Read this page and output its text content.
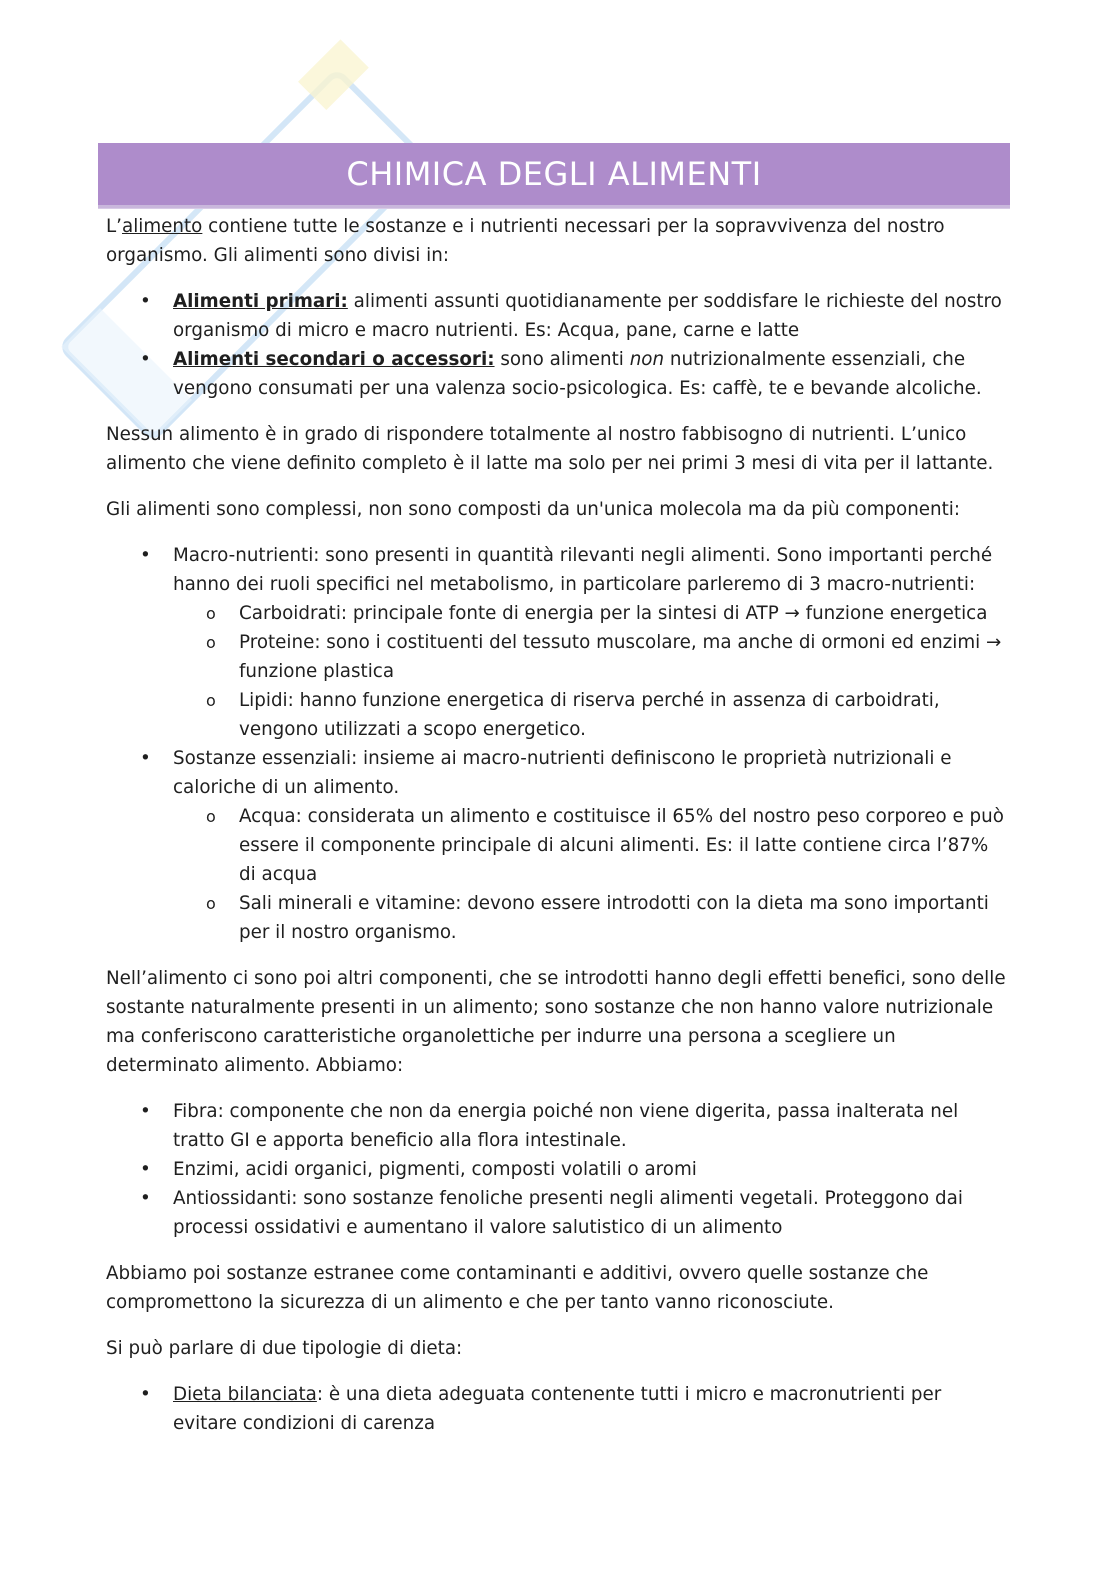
CHIMICA DEGLI ALIMENTI

L’alimento contiene tutte le sostanze e i nutrienti necessari per la sopravvivenza del nostro organismo. Gli alimenti sono divisi in:

• Alimenti primari: alimenti assunti quotidianamente per soddisfare le richieste del nostro organismo di micro e macro nutrienti. Es: Acqua, pane, carne e latte
• Alimenti secondari o accessori: sono alimenti non nutrizionalmente essenziali, che vengono consumati per una valenza socio-psicologica. Es: caffè, te e bevande alcoliche.

Nessun alimento è in grado di rispondere totalmente al nostro fabbisogno di nutrienti. L’unico alimento che viene definito completo è il latte ma solo per nei primi 3 mesi di vita per il lattante.

Gli alimenti sono complessi, non sono composti da un'unica molecola ma da più componenti:

• Macro-nutrienti: sono presenti in quantità rilevanti negli alimenti. Sono importanti perché hanno dei ruoli specifici nel metabolismo, in particolare parleremo di 3 macro-nutrienti:
o Carboidrati: principale fonte di energia per la sintesi di ATP → funzione energetica
o Proteine: sono i costituenti del tessuto muscolare, ma anche di ormoni ed enzimi → funzione plastica
o Lipidi: hanno funzione energetica di riserva perché in assenza di carboidrati, vengono utilizzati a scopo energetico.
• Sostanze essenziali: insieme ai macro-nutrienti definiscono le proprietà nutrizionali e caloriche di un alimento.
o Acqua: considerata un alimento e costituisce il 65% del nostro peso corporeo e può essere il componente principale di alcuni alimenti. Es: il latte contiene circa l’87% di acqua
o Sali minerali e vitamine: devono essere introdotti con la dieta ma sono importanti per il nostro organismo.

Nell’alimento ci sono poi altri componenti, che se introdotti hanno degli effetti benefici, sono delle sostante naturalmente presenti in un alimento; sono sostanze che non hanno valore nutrizionale ma conferiscono caratteristiche organolettiche per indurre una persona a scegliere un determinato alimento. Abbiamo:

• Fibra: componente che non da energia poiché non viene digerita, passa inalterata nel tratto GI e apporta beneficio alla flora intestinale.
• Enzimi, acidi organici, pigmenti, composti volatili o aromi
• Antiossidanti: sono sostanze fenoliche presenti negli alimenti vegetali. Proteggono dai processi ossidativi e aumentano il valore salutistico di un alimento

Abbiamo poi sostanze estranee come contaminanti e additivi, ovvero quelle sostanze che compromettono la sicurezza di un alimento e che per tanto vanno riconosciute.

Si può parlare di due tipologie di dieta:

• Dieta bilanciata: è una dieta adeguata contenente tutti i micro e macronutrienti per evitare condizioni di carenza
